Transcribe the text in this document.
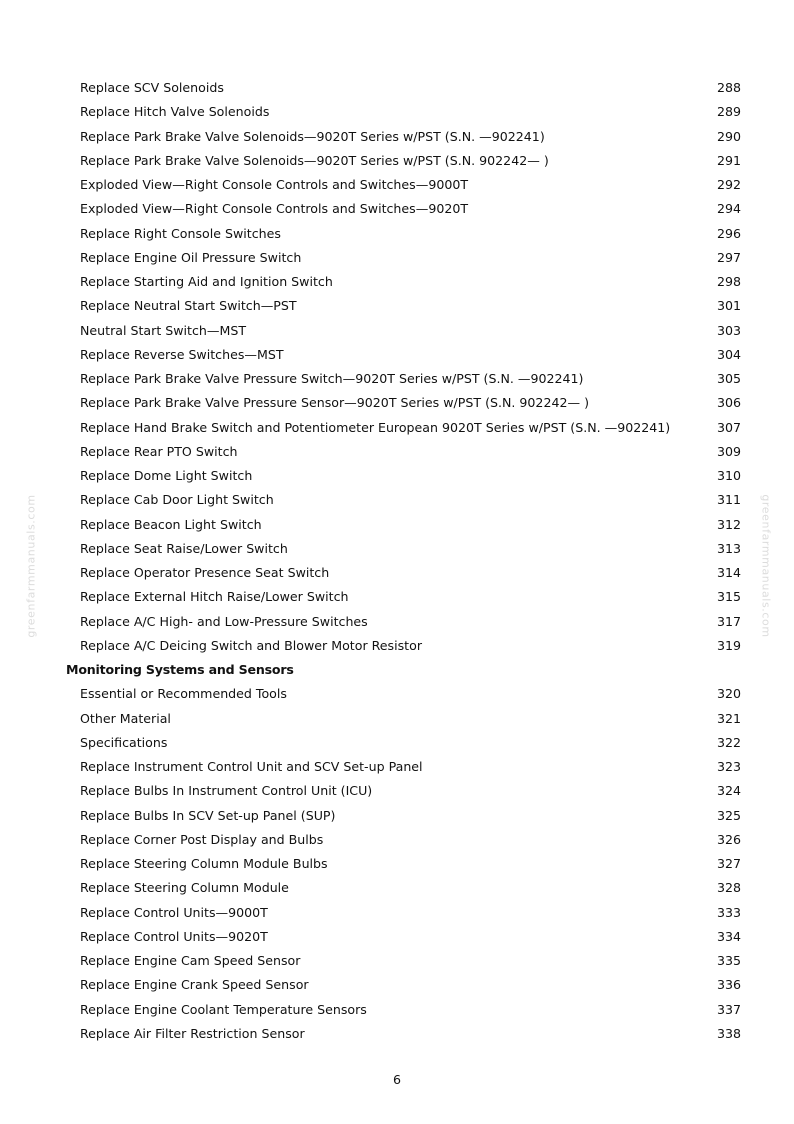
Replace SCV Solenoids	288
Replace Hitch Valve Solenoids	289
Replace Park Brake Valve Solenoids—9020T Series w/PST (S.N. —902241)	290
Replace Park Brake Valve Solenoids—9020T Series w/PST (S.N. 902242— )	291
Exploded View—Right Console Controls and Switches—9000T	292
Exploded View—Right Console Controls and Switches—9020T	294
Replace Right Console Switches	296
Replace Engine Oil Pressure Switch	297
Replace Starting Aid and Ignition Switch	298
Replace Neutral Start Switch—PST	301
Neutral Start Switch—MST	303
Replace Reverse Switches—MST	304
Replace Park Brake Valve Pressure Switch—9020T Series w/PST (S.N. —902241)	305
Replace Park Brake Valve Pressure Sensor—9020T Series w/PST (S.N. 902242— )	306
Replace Hand Brake Switch and Potentiometer European 9020T Series w/PST (S.N. —902241)	307
Replace Rear PTO Switch	309
Replace Dome Light Switch	310
Replace Cab Door Light Switch	311
Replace Beacon Light Switch	312
Replace Seat Raise/Lower Switch	313
Replace Operator Presence Seat Switch	314
Replace External Hitch Raise/Lower Switch	315
Replace A/C High- and Low-Pressure Switches	317
Replace A/C Deicing Switch and Blower Motor Resistor	319
Monitoring Systems and Sensors
Essential or Recommended Tools	320
Other Material	321
Specifications	322
Replace Instrument Control Unit and SCV Set-up Panel	323
Replace Bulbs In Instrument Control Unit (ICU)	324
Replace Bulbs In SCV Set-up Panel (SUP)	325
Replace Corner Post Display and Bulbs	326
Replace Steering Column Module Bulbs	327
Replace Steering Column Module	328
Replace Control Units—9000T	333
Replace Control Units—9020T	334
Replace Engine Cam Speed Sensor	335
Replace Engine Crank Speed Sensor	336
Replace Engine Coolant Temperature Sensors	337
Replace Air Filter Restriction Sensor	338
greenfarmmanuals.com	greenfarmmanuals.com
6
